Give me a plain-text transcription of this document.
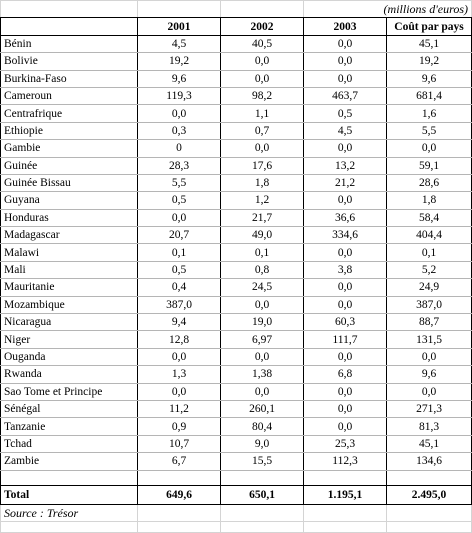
			(millions d'euros)	
	2001	2002	2003	Coût par pays
Bénin	4,5	40,5	0,0	45,1
Bolivie	19,2	0,0	0,0	19,2
Burkina-Faso	9,6	0,0	0,0	9,6
Cameroun	119,3	98,2	463,7	681,4
Centrafrique	0,0	1,1	0,5	1,6
Ethiopie	0,3	0,7	4,5	5,5
Gambie	0	0,0	0,0	0,0
Guinée	28,3	17,6	13,2	59,1
Guinée Bissau	5,5	1,8	21,2	28,6
Guyana	0,5	1,2	0,0	1,8
Honduras	0,0	21,7	36,6	58,4
Madagascar	20,7	49,0	334,6	404,4
Malawi	0,1	0,1	0,0	0,1
Mali	0,5	0,8	3,8	5,2
Mauritanie	0,4	24,5	0,0	24,9
Mozambique	387,0	0,0	0,0	387,0
Nicaragua	9,4	19,0	60,3	88,7
Niger	12,8	6,97	111,7	131,5
Ouganda	0,0	0,0	0,0	0,0
Rwanda	1,3	1,38	6,8	9,6
Sao Tome et Principe	0,0	0,0	0,0	0,0
Sénégal	11,2	260,1	0,0	271,3
Tanzanie	0,9	80,4	0,0	81,3
Tchad	10,7	9,0	25,3	45,1
Zambie	6,7	15,5	112,3	134,6

Total	649,6	650,1	1.195,1	2.495,0
Source : Trésor				
